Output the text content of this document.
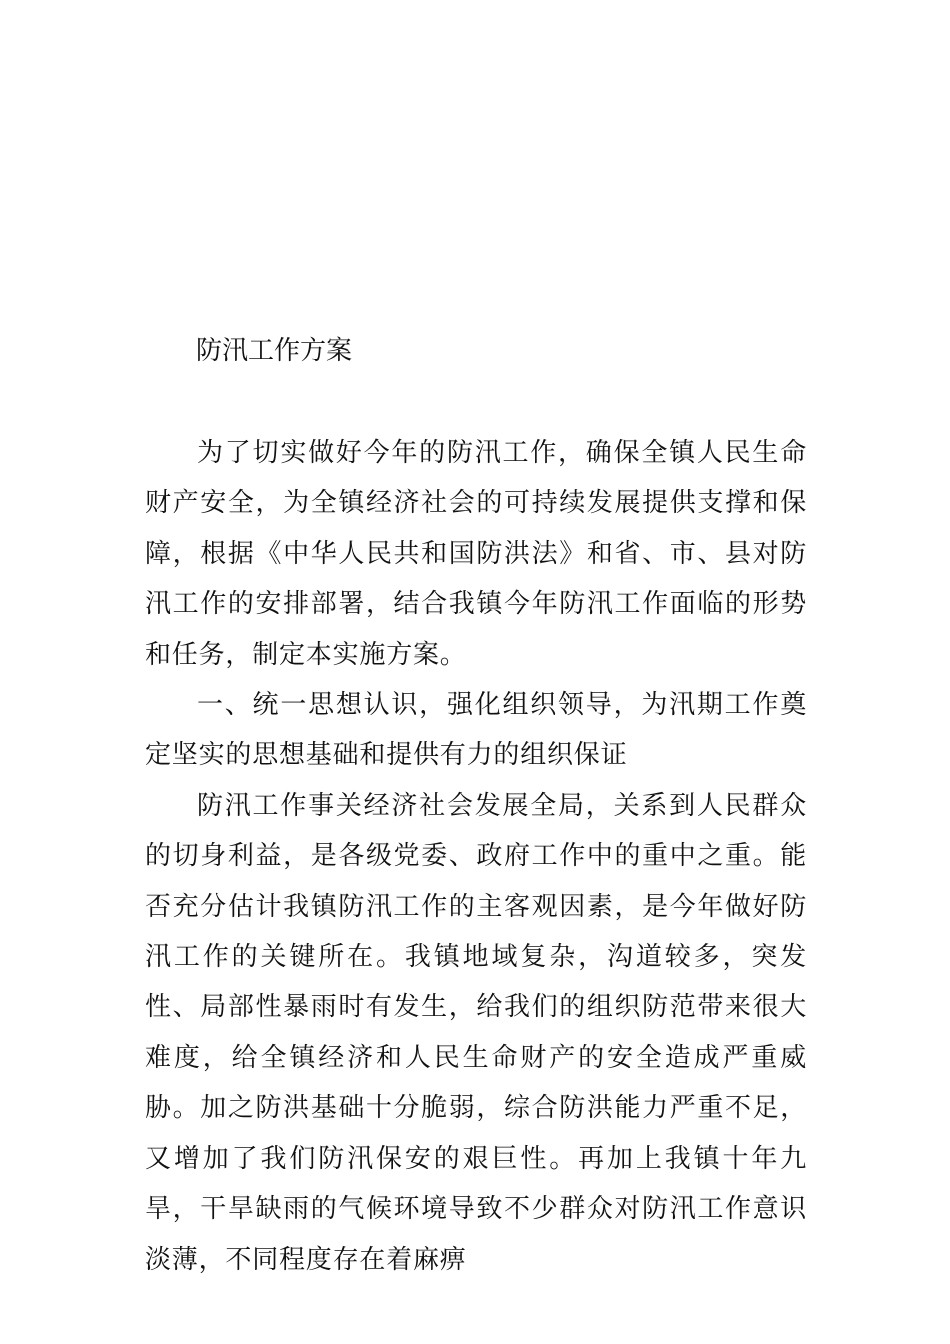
防汛工作方案

为了切实做好今年的防汛工作，确保全镇人民生命财产安全，为全镇经济社会的可持续发展提供支撑和保障，根据《中华人民共和国防洪法》和省、市、县对防汛工作的安排部署，结合我镇今年防汛工作面临的形势和任务，制定本实施方案。

一、统一思想认识，强化组织领导，为汛期工作奠定坚实的思想基础和提供有力的组织保证

防汛工作事关经济社会发展全局，关系到人民群众的切身利益，是各级党委、政府工作中的重中之重。能否充分估计我镇防汛工作的主客观因素，是今年做好防汛工作的关键所在。我镇地域复杂，沟道较多，突发性、局部性暴雨时有发生，给我们的组织防范带来很大难度，给全镇经济和人民生命财产的安全造成严重威胁。加之防洪基础十分脆弱，综合防洪能力严重不足，又增加了我们防汛保安的艰巨性。再加上我镇十年九旱，干旱缺雨的气候环境导致不少群众对防汛工作意识淡薄，不同程度存在着麻痹
